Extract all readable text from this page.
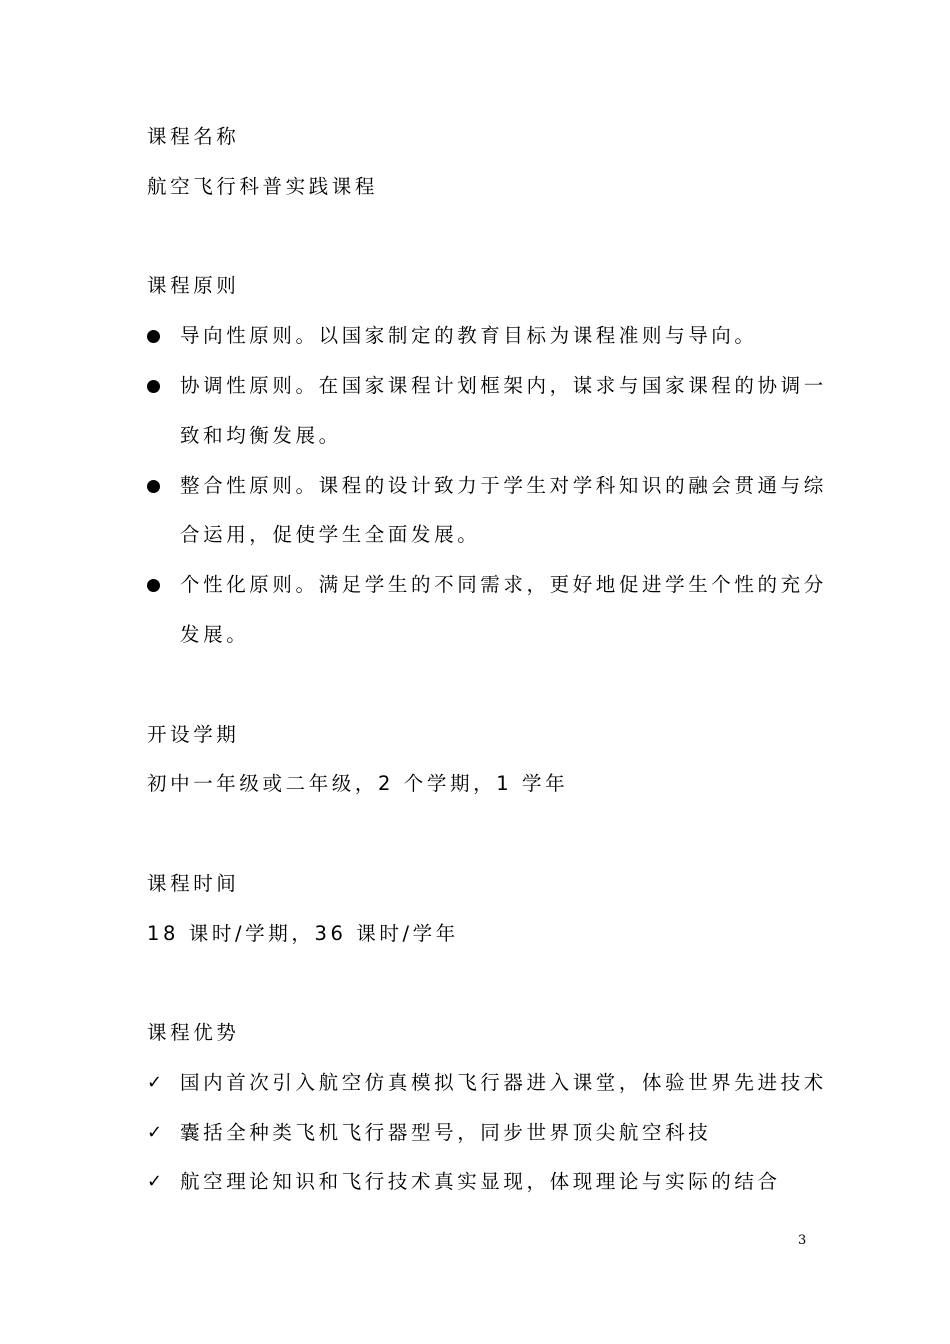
课程名称
航空飞行科普实践课程
课程原则
导向性原则。以国家制定的教育目标为课程准则与导向。
协调性原则。在国家课程计划框架内，谋求与国家课程的协调一
致和均衡发展。
整合性原则。课程的设计致力于学生对学科知识的融会贯通与综
合运用，促使学生全面发展。
个性化原则。满足学生的不同需求，更好地促进学生个性的充分
发展。
开设学期
初中一年级或二年级，2 个学期，1 学年
课程时间
18 课时/学期，36 课时/学年
课程优势
✓ 国内首次引入航空仿真模拟飞行器进入课堂，体验世界先进技术
✓ 囊括全种类飞机飞行器型号，同步世界顶尖航空科技
✓ 航空理论知识和飞行技术真实显现，体现理论与实际的结合
3
